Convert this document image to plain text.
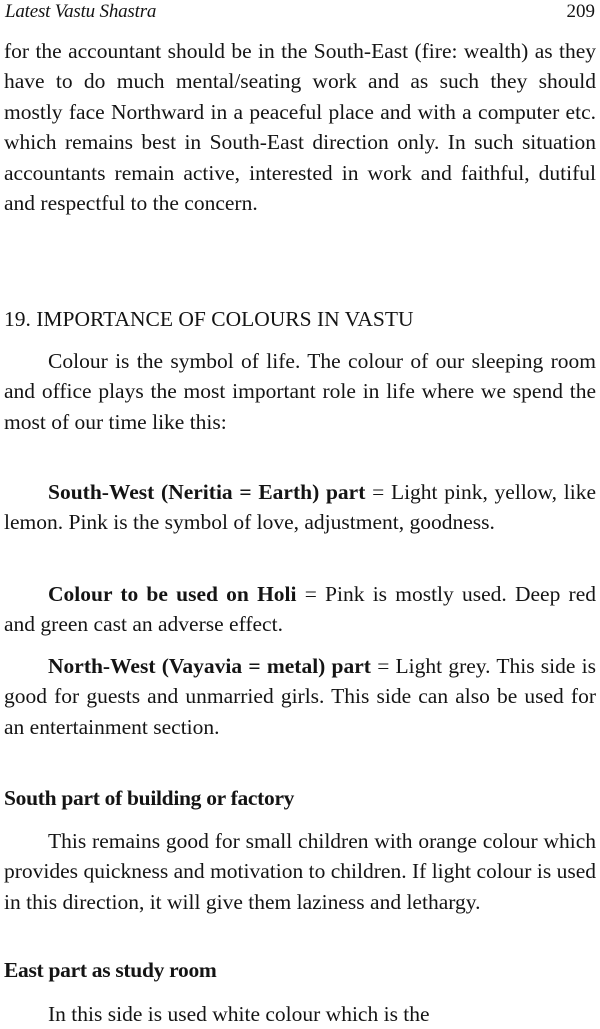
Latest Vastu Shastra	209

for the accountant should be in the South-East (fire: wealth) as they have to do much mental/seating work and as such they should mostly face Northward in a peaceful place and with a computer etc. which remains best in South-East direction only. In such situation accountants remain active, interested in work and faithful, dutiful and respectful to the concern.

19. IMPORTANCE OF COLOURS IN VASTU

Colour is the symbol of life. The colour of our sleeping room and office plays the most important role in life where we spend the most of our time like this:

South-West (Neritia = Earth) part = Light pink, yellow, like lemon. Pink is the symbol of love, adjustment, goodness.

Colour to be used on Holi = Pink is mostly used. Deep red and green cast an adverse effect.

North-West (Vayavia = metal) part = Light grey. This side is good for guests and unmarried girls. This side can also be used for an entertainment section.

South part of building or factory

This remains good for small children with orange colour which provides quickness and motivation to children. If light colour is used in this direction, it will give them laziness and lethargy.

East part as study room

In this side is used white colour which is the
